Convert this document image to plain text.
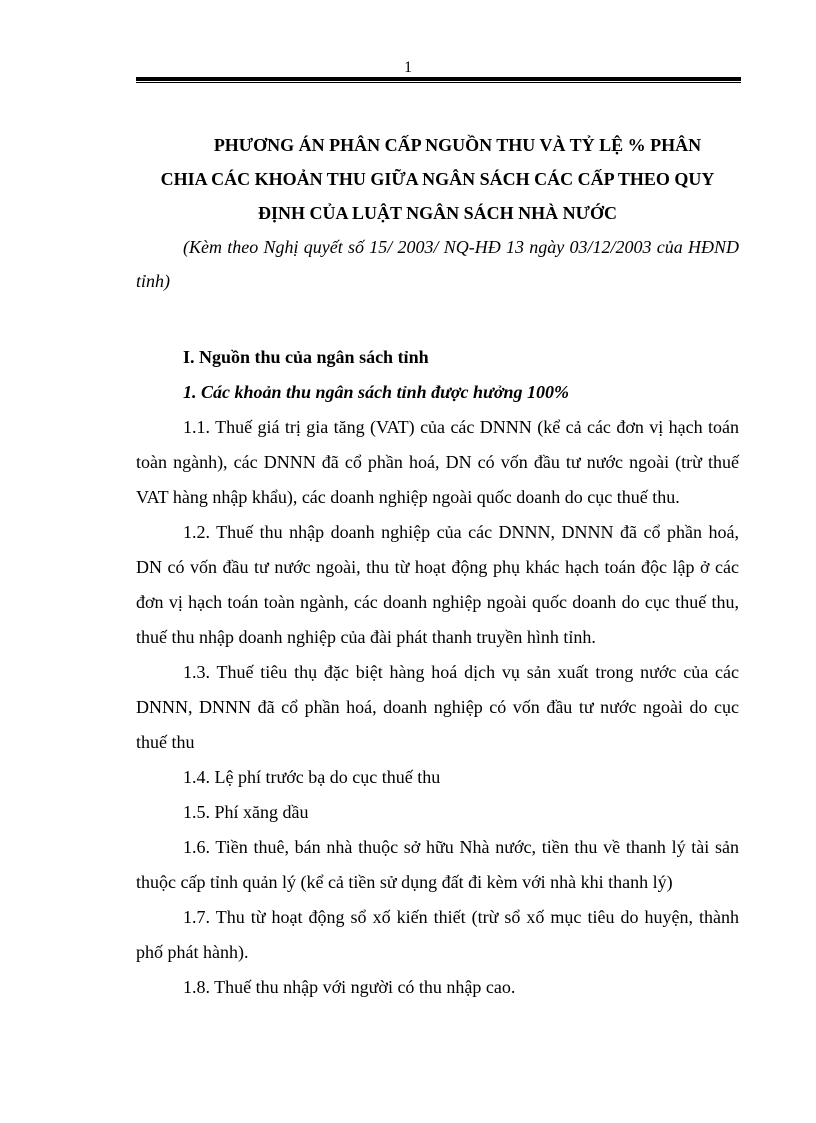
1
PHƯƠNG ÁN PHÂN CẤP NGUỒN THU VÀ TỶ LỆ % PHÂN
CHIA CÁC KHOẢN THU GIỮA NGÂN SÁCH CÁC CẤP THEO QUY
ĐỊNH CỦA LUẬT NGÂN SÁCH NHÀ NƯỚC

(Kèm theo Nghị quyết số 15/ 2003/ NQ-HĐ 13 ngày 03/12/2003 của HĐND tỉnh)

I. Nguồn thu của ngân sách tỉnh

1. Các khoản thu ngân sách tỉnh được hưởng 100%

1.1. Thuế giá trị gia tăng (VAT) của các DNNN (kể cả các đơn vị hạch toán toàn ngành), các DNNN đã cổ phần hoá, DN có vốn đầu tư nước ngoài (trừ thuế VAT hàng nhập khẩu), các doanh nghiệp ngoài quốc doanh do cục thuế thu.

1.2. Thuế thu nhập doanh nghiệp của các DNNN, DNNN đã cổ phần hoá, DN có vốn đầu tư nước ngoài, thu từ hoạt động phụ khác hạch toán độc lập ở các đơn vị hạch toán toàn ngành, các doanh nghiệp ngoài quốc doanh do cục thuế thu, thuế thu nhập doanh nghiệp của đài phát thanh truyền hình tỉnh.

1.3. Thuế tiêu thụ đặc biệt hàng hoá dịch vụ sản xuất trong nước của các DNNN, DNNN đã cổ phần hoá, doanh nghiệp có vốn đầu tư nước ngoài do cục thuế thu

1.4. Lệ phí trước bạ do cục thuế thu

1.5. Phí xăng dầu

1.6. Tiền thuê, bán nhà thuộc sở hữu Nhà nước, tiền thu về thanh lý tài sản thuộc cấp tỉnh quản lý (kể cả tiền sử dụng đất đi kèm với nhà khi thanh lý)

1.7. Thu từ hoạt động sổ xố kiến thiết (trừ sổ xố mục tiêu do huyện, thành phố phát hành).

1.8. Thuế thu nhập với người có thu nhập cao.
